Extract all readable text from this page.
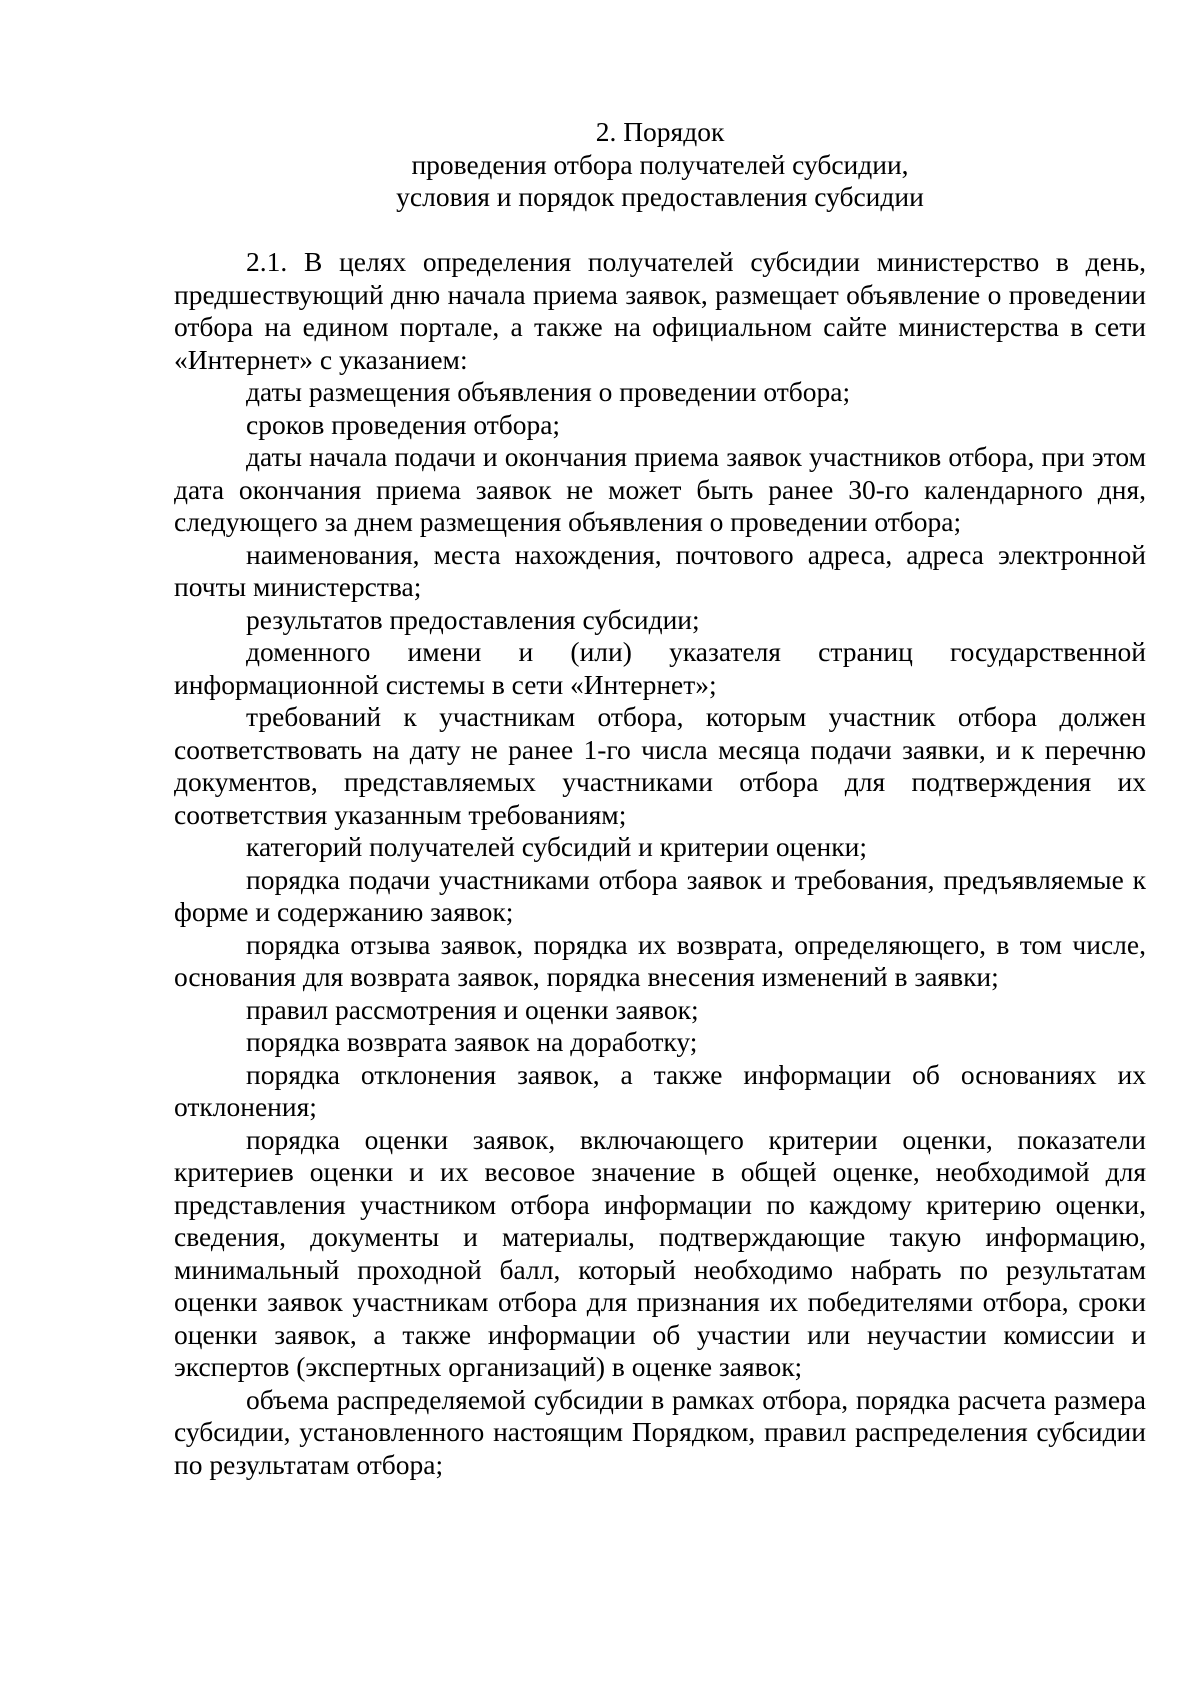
2. Порядок
проведения отбора получателей субсидии,
условия и порядок предоставления субсидии

2.1. В целях определения получателей субсидии министерство в день, предшествующий дню начала приема заявок, размещает объявление о проведении отбора на едином портале, а также на официальном сайте министерства в сети «Интернет» с указанием:

даты размещения объявления о проведении отбора;

сроков проведения отбора;

даты начала подачи и окончания приема заявок участников отбора, при этом дата окончания приема заявок не может быть ранее 30-го календарного дня, следующего за днем размещения объявления о проведении отбора;

наименования, места нахождения, почтового адреса, адреса электронной почты министерства;

результатов предоставления субсидии;

доменного имени и (или) указателя страниц государственной информационной системы в сети «Интернет»;

требований к участникам отбора, которым участник отбора должен соответствовать на дату не ранее 1-го числа месяца подачи заявки, и к перечню документов, представляемых участниками отбора для подтверждения их соответствия указанным требованиям;

категорий получателей субсидий и критерии оценки;

порядка подачи участниками отбора заявок и требования, предъявляемые к форме и содержанию заявок;

порядка отзыва заявок, порядка их возврата, определяющего, в том числе, основания для возврата заявок, порядка внесения изменений в заявки;

правил рассмотрения и оценки заявок;

порядка возврата заявок на доработку;

порядка отклонения заявок, а также информации об основаниях их отклонения;

порядка оценки заявок, включающего критерии оценки, показатели критериев оценки и их весовое значение в общей оценке, необходимой для представления участником отбора информации по каждому критерию оценки, сведения, документы и материалы, подтверждающие такую информацию, минимальный проходной балл, который необходимо набрать по результатам оценки заявок участникам отбора для признания их победителями отбора, сроки оценки заявок, а также информации об участии или неучастии комиссии и экспертов (экспертных организаций) в оценке заявок;

объема распределяемой субсидии в рамках отбора, порядка расчета размера субсидии, установленного настоящим Порядком, правил распределения субсидии по результатам отбора;
